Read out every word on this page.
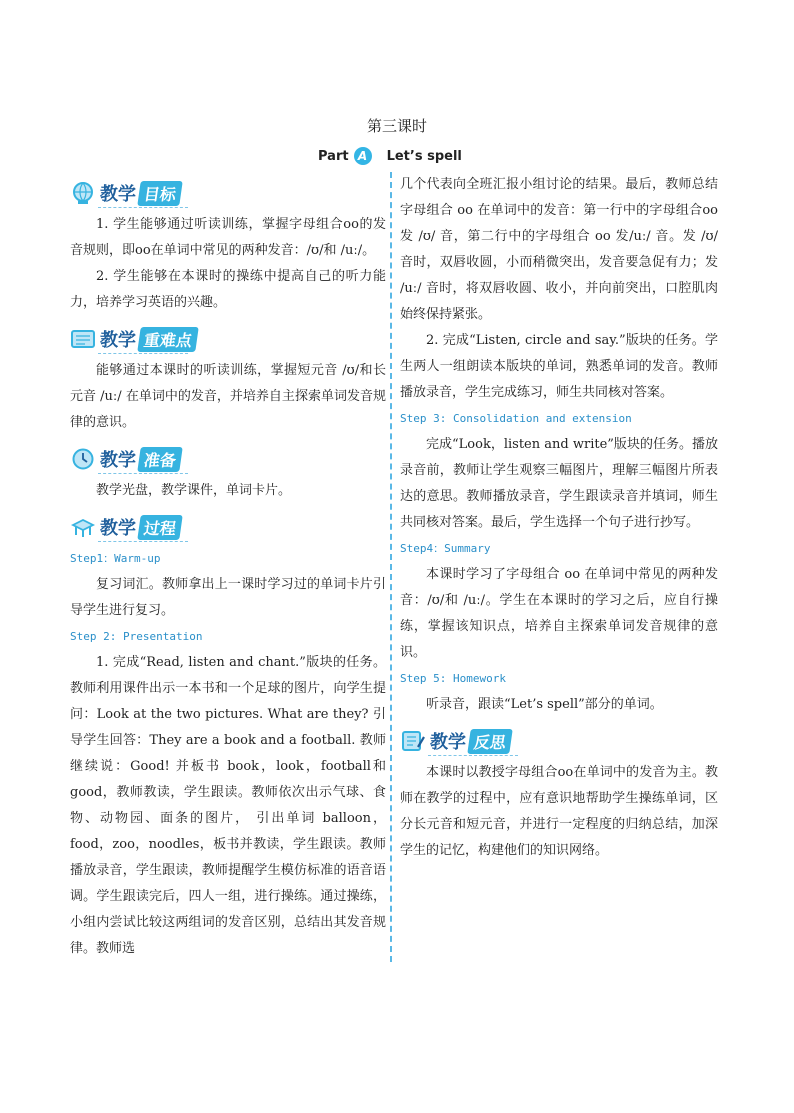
第三课时
Part A	Let’s spell
教学 目标

1. 学生能够通过听读训练，掌握字母组合oo的发音规则，即oo在单词中常见的两种发音：/ʊ/和 /uː/。

2. 学生能够在本课时的操练中提高自己的听力能力，培养学习英语的兴趣。

教学 重难点

能够通过本课时的听读训练，掌握短元音 /ʊ/和长元音 /uː/ 在单词中的发音，并培养自主探索单词发音规律的意识。

教学 准备

教学光盘，教学课件，单词卡片。

教学 过程
Step1：Warm-up

复习词汇。教师拿出上一课时学习过的单词卡片引导学生进行复习。

Step 2: Presentation

1. 完成“Read, listen and chant.”版块的任务。教师利用课件出示一本书和一个足球的图片，向学生提问：Look at the two pictures. What are they? 引导学生回答：They are a book and a football. 教师继续说：Good! 并板书 book，look，football和good，教师教读，学生跟读。教师依次出示气球、食物、动物园、面条的图片， 引出单词 balloon，food，zoo，noodles，板书并教读，学生跟读。教师播放录音，学生跟读，教师提醒学生模仿标准的语音语调。学生跟读完后，四人一组，进行操练。通过操练，小组内尝试比较这两组词的发音区别，总结出其发音规律。教师选

几个代表向全班汇报小组讨论的结果。最后，教师总结字母组合 oo 在单词中的发音：第一行中的字母组合oo发 /ʊ/ 音，第二行中的字母组合 oo 发/uː/ 音。发 /ʊ/ 音时，双唇收圆，小而稍微突出，发音要急促有力；发 /uː/ 音时，将双唇收圆、收小，并向前突出，口腔肌肉始终保持紧张。

2. 完成“Listen, circle and say.”版块的任务。学生两人一组朗读本版块的单词，熟悉单词的发音。教师播放录音，学生完成练习，师生共同核对答案。

Step 3: Consolidation and extension

完成“Look，listen and write”版块的任务。播放录音前，教师让学生观察三幅图片，理解三幅图片所表达的意思。教师播放录音，学生跟读录音并填词，师生共同核对答案。最后，学生选择一个句子进行抄写。

Step4：Summary

本课时学习了字母组合 oo 在单词中常见的两种发音：/ʊ/和 /uː/。学生在本课时的学习之后，应自行操练，掌握该知识点，培养自主探索单词发音规律的意识。

Step 5: Homework

听录音，跟读“Let’s spell”部分的单词。

教学 反思

本课时以教授字母组合oo在单词中的发音为主。教师在教学的过程中，应有意识地帮助学生操练单词，区分长元音和短元音，并进行一定程度的归纳总结，加深学生的记忆，构建他们的知识网络。
